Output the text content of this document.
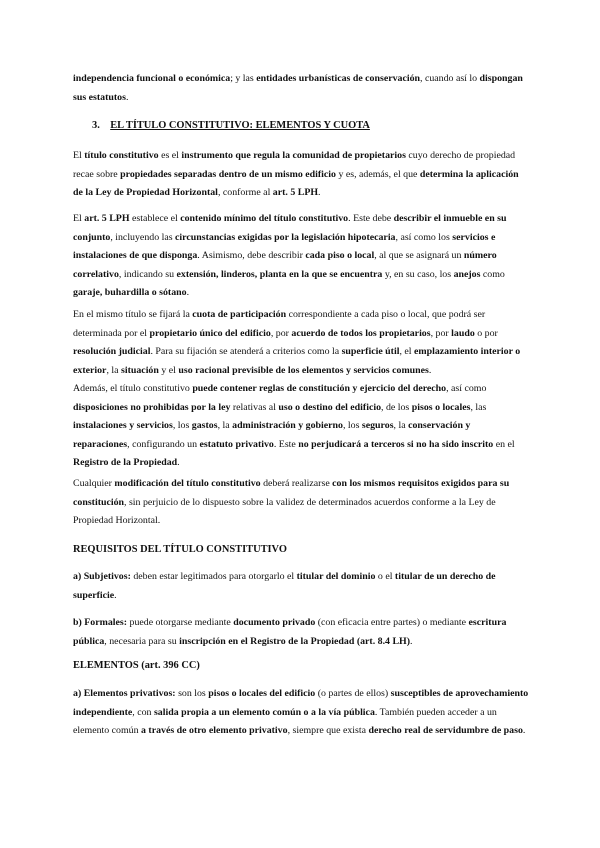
independencia funcional o económica; y las entidades urbanísticas de conservación, cuando así lo dispongan sus estatutos.

3. EL TÍTULO CONSTITUTIVO: ELEMENTOS Y CUOTA

El título constitutivo es el instrumento que regula la comunidad de propietarios cuyo derecho de propiedad recae sobre propiedades separadas dentro de un mismo edificio y es, además, el que determina la aplicación de la Ley de Propiedad Horizontal, conforme al art. 5 LPH.

El art. 5 LPH establece el contenido mínimo del título constitutivo. Este debe describir el inmueble en su conjunto, incluyendo las circunstancias exigidas por la legislación hipotecaria, así como los servicios e instalaciones de que disponga. Asimismo, debe describir cada piso o local, al que se asignará un número correlativo, indicando su extensión, linderos, planta en la que se encuentra y, en su caso, los anejos como garaje, buhardilla o sótano.

En el mismo título se fijará la cuota de participación correspondiente a cada piso o local, que podrá ser determinada por el propietario único del edificio, por acuerdo de todos los propietarios, por laudo o por resolución judicial. Para su fijación se atenderá a criterios como la superficie útil, el emplazamiento interior o exterior, la situación y el uso racional previsible de los elementos y servicios comunes.

Además, el título constitutivo puede contener reglas de constitución y ejercicio del derecho, así como disposiciones no prohibidas por la ley relativas al uso o destino del edificio, de los pisos o locales, las instalaciones y servicios, los gastos, la administración y gobierno, los seguros, la conservación y reparaciones, configurando un estatuto privativo. Este no perjudicará a terceros si no ha sido inscrito en el Registro de la Propiedad.

Cualquier modificación del título constitutivo deberá realizarse con los mismos requisitos exigidos para su constitución, sin perjuicio de lo dispuesto sobre la validez de determinados acuerdos conforme a la Ley de Propiedad Horizontal.

REQUISITOS DEL TÍTULO CONSTITUTIVO

a) Subjetivos: deben estar legitimados para otorgarlo el titular del dominio o el titular de un derecho de superficie.

b) Formales: puede otorgarse mediante documento privado (con eficacia entre partes) o mediante escritura pública, necesaria para su inscripción en el Registro de la Propiedad (art. 8.4 LH).

ELEMENTOS (art. 396 CC)

a) Elementos privativos: son los pisos o locales del edificio (o partes de ellos) susceptibles de aprovechamiento independiente, con salida propia a un elemento común o a la vía pública. También pueden acceder a un elemento común a través de otro elemento privativo, siempre que exista derecho real de servidumbre de paso.
